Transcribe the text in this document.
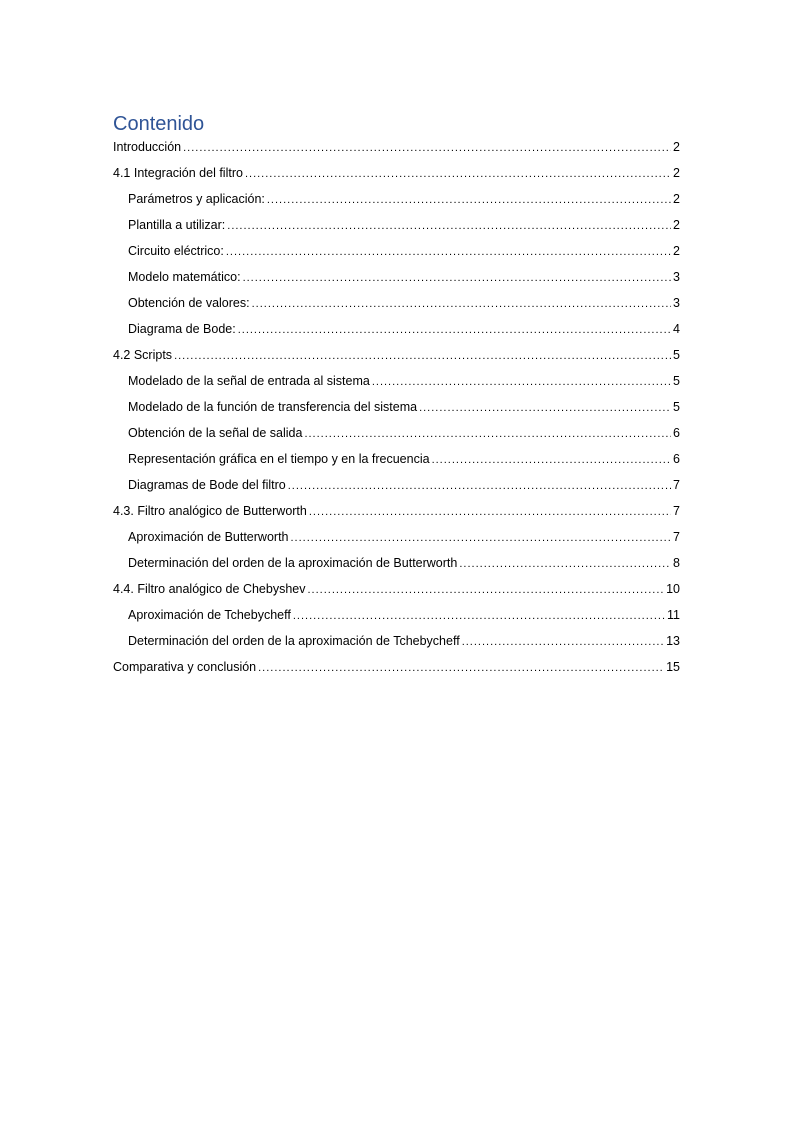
Contenido
Introducción .....	2
4.1 Integración del filtro .....	2
Parámetros y aplicación: .....	2
Plantilla a utilizar: .....	2
Circuito eléctrico: .....	2
Modelo matemático: .....	3
Obtención de valores: .....	3
Diagrama de Bode: .....	4
4.2 Scripts .....	5
Modelado de la señal de entrada al sistema .....	5
Modelado de la función de transferencia del sistema .....	5
Obtención de la señal de salida .....	6
Representación gráfica en el tiempo y en la frecuencia .....	6
Diagramas de Bode del filtro .....	7
4.3. Filtro analógico de Butterworth .....	7
Aproximación de Butterworth .....	7
Determinación del orden de la aproximación de Butterworth .....	8
4.4. Filtro analógico de Chebyshev .....	10
Aproximación de Tchebycheff .....	11
Determinación del orden de la aproximación de Tchebycheff .....	13
Comparativa y conclusión .....	15
